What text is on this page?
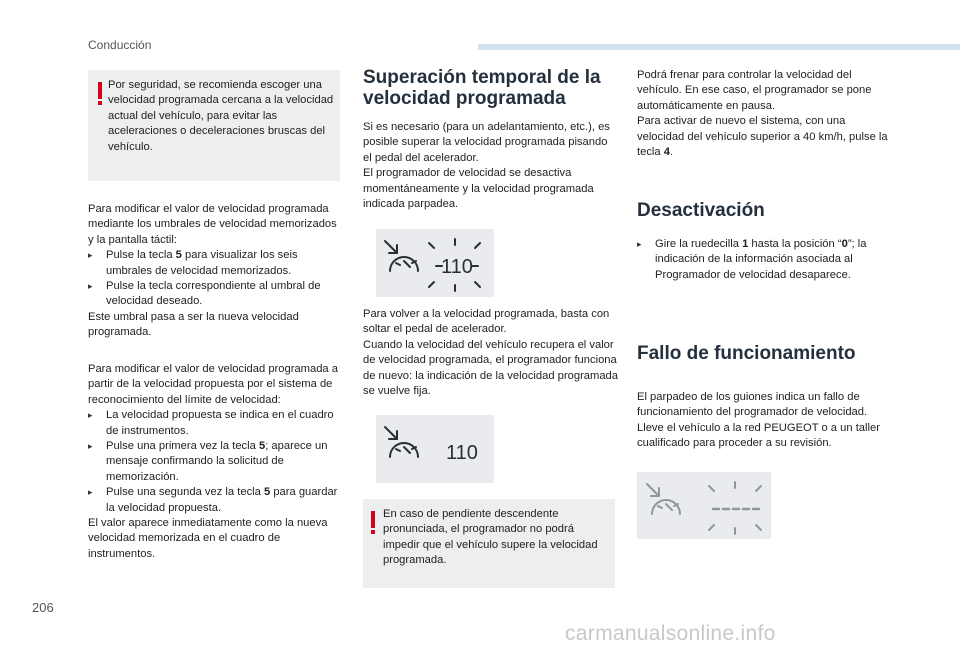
Conducción
Por seguridad, se recomienda escoger una velocidad programada cercana a la velocidad actual del vehículo, para evitar las aceleraciones o deceleraciones bruscas del vehículo.

Para modificar el valor de velocidad programada mediante los umbrales de velocidad memorizados y la pantalla táctil:

▸ Pulse la tecla 5 para visualizar los seis umbrales de velocidad memorizados.

▸ Pulse la tecla correspondiente al umbral de velocidad deseado.

Este umbral pasa a ser la nueva velocidad programada.

Para modificar el valor de velocidad programada a partir de la velocidad propuesta por el sistema de reconocimiento del límite de velocidad:

▸ La velocidad propuesta se indica en el cuadro de instrumentos.

▸ Pulse una primera vez la tecla 5; aparece un mensaje confirmando la solicitud de memorización.

▸ Pulse una segunda vez la tecla 5 para guardar la velocidad propuesta.

El valor aparece inmediatamente como la nueva velocidad memorizada en el cuadro de instrumentos.

Superación temporal de la velocidad programada

Si es necesario (para un adelantamiento, etc.), es posible superar la velocidad programada pisando el pedal del acelerador.

El programador de velocidad se desactiva momentáneamente y la velocidad programada indicada parpadea.

110

Para volver a la velocidad programada, basta con soltar el pedal de acelerador.

Cuando la velocidad del vehículo recupera el valor de velocidad programada, el programador funciona de nuevo: la indicación de la velocidad programada se vuelve fija.

110
En caso de pendiente descendente pronunciada, el programador no podrá impedir que el vehículo supere la velocidad programada.

Podrá frenar para controlar la velocidad del vehículo. En ese caso, el programador se pone automáticamente en pausa.

Para activar de nuevo el sistema, con una velocidad del vehículo superior a 40 km/h, pulse la tecla 4.

Desactivación

▸ Gire la ruedecilla 1 hasta la posición “0”; la indicación de la información asociada al Programador de velocidad desaparece.

Fallo de funcionamiento

El parpadeo de los guiones indica un fallo de funcionamiento del programador de velocidad. Lleve el vehículo a la red PEUGEOT o a un taller cualificado para proceder a su revisión.

206
carmanualsonline.info
